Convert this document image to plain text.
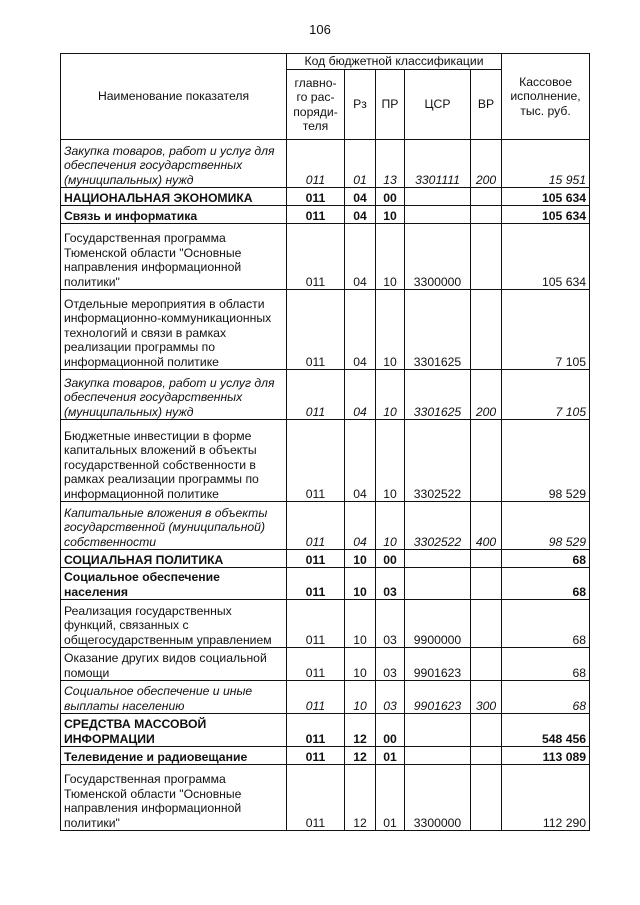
106
Наименование показателя	Код бюджетной классификации					Кассовое исполнение, тыс. руб.
	главно-го рас-поряди-теля	Рз	ПР	ЦСР	ВР	
Закупка товаров, работ и услуг для обеспечения государственных (муниципальных) нужд	011	01	13	3301111	200	15 951
НАЦИОНАЛЬНАЯ ЭКОНОМИКА	011	04	00			105 634
Связь и информатика	011	04	10			105 634
Государственная программа Тюменской области "Основные направления информационной политики"	011	04	10	3300000		105 634
Отдельные мероприятия в области информационно-коммуникационных технологий и связи в рамках реализации программы по информационной политике	011	04	10	3301625		7 105
Закупка товаров, работ и услуг для обеспечения государственных (муниципальных) нужд	011	04	10	3301625	200	7 105
Бюджетные инвестиции в форме капитальных вложений в объекты государственной собственности в рамках реализации программы по информационной политике	011	04	10	3302522		98 529
Капитальные вложения в объекты государственной (муниципальной) собственности	011	04	10	3302522	400	98 529
СОЦИАЛЬНАЯ ПОЛИТИКА	011	10	00			68
Социальное обеспечение населения	011	10	03			68
Реализация государственных функций, связанных с общегосударственным управлением	011	10	03	9900000		68
Оказание других видов социальной помощи	011	10	03	9901623		68
Социальное обеспечение и иные выплаты населению	011	10	03	9901623	300	68
СРЕДСТВА МАССОВОЙ ИНФОРМАЦИИ	011	12	00			548 456
Телевидение и радиовещание	011	12	01			113 089
Государственная программа Тюменской области "Основные направления информационной политики"	011	12	01	3300000		112 290
